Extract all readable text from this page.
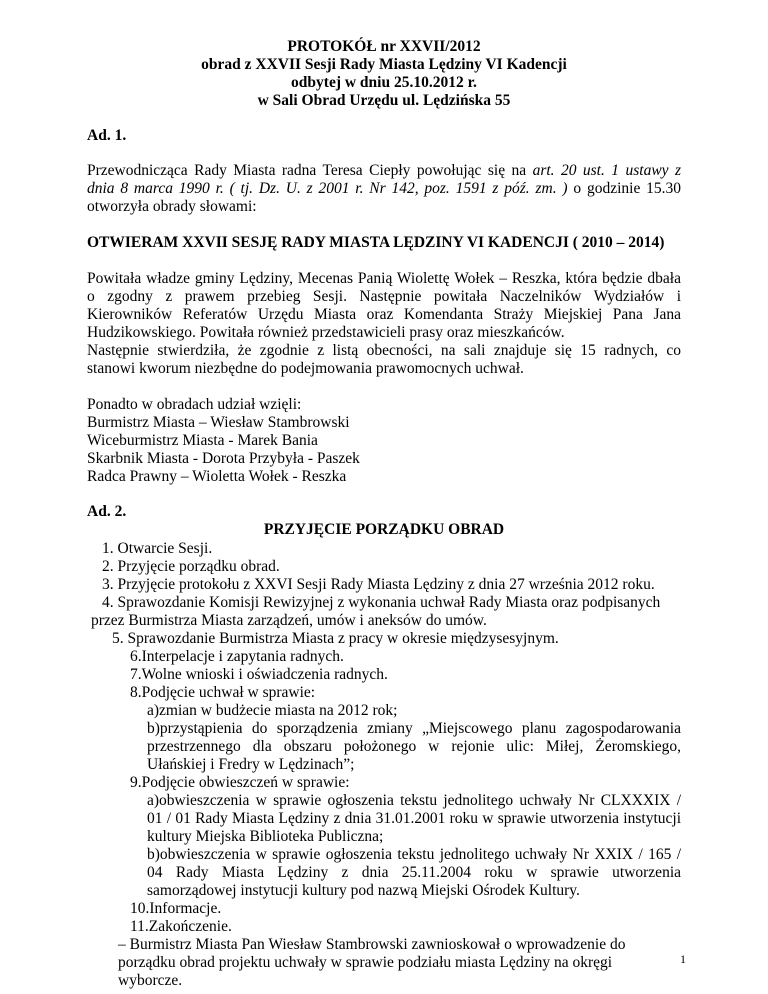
PROTOKÓŁ nr XXVII/2012
obrad z XXVII Sesji Rady Miasta Lędziny VI Kadencji
odbytej w dniu 25.10.2012 r.
w Sali Obrad Urzędu ul. Lędzińska 55
Ad. 1.
Przewodnicząca Rady Miasta radna Teresa Ciepły powołując się na art. 20 ust. 1 ustawy z
dnia 8 marca 1990 r. ( tj. Dz. U. z 2001 r. Nr 142, poz. 1591 z póź. zm. ) o godzinie 15.30
otworzyła obrady słowami:
OTWIERAM XXVII SESJĘ RADY MIASTA LĘDZINY VI KADENCJI ( 2010 – 2014)
Powitała władze gminy Lędziny, Mecenas Panią Wiolettę Wołek – Reszka, która będzie dbała
o zgodny z prawem przebieg Sesji. Następnie powitała Naczelników Wydziałów i
Kierowników Referatów Urzędu Miasta oraz Komendanta Straży Miejskiej Pana Jana
Hudzikowskiego. Powitała również przedstawicieli prasy oraz mieszkańców.
Następnie stwierdziła, że zgodnie z listą obecności, na sali znajduje się 15 radnych, co
stanowi kworum niezbędne do podejmowania prawomocnych uchwał.
Ponadto w obradach udział wzięli:
Burmistrz Miasta – Wiesław Stambrowski
Wiceburmistrz Miasta - Marek Bania
Skarbnik Miasta - Dorota Przybyła - Paszek
Radca Prawny – Wioletta Wołek - Reszka
Ad. 2.
PRZYJĘCIE PORZĄDKU OBRAD
1. Otwarcie Sesji.
2. Przyjęcie porządku obrad.
3. Przyjęcie protokołu z XXVI Sesji Rady Miasta Lędziny z dnia 27 września 2012 roku.
4. Sprawozdanie Komisji Rewizyjnej z wykonania uchwał Rady Miasta oraz podpisanych
przez Burmistrza Miasta zarządzeń, umów i aneksów do umów.
5. Sprawozdanie Burmistrza Miasta z pracy w okresie międzysesyjnym.
6.Interpelacje i zapytania radnych.
7.Wolne wnioski i oświadczenia radnych.
8.Podjęcie uchwał w sprawie:
a)zmian w budżecie miasta na 2012 rok;
b)przystąpienia do sporządzenia zmiany „Miejscowego planu zagospodarowania
przestrzennego dla obszaru położonego w rejonie ulic: Miłej, Żeromskiego,
Ułańskiej i Fredry w Lędzinach”;
9.Podjęcie obwieszczeń w sprawie:
a)obwieszczenia w sprawie ogłoszenia tekstu jednolitego uchwały Nr CLXXXIX /
01 / 01 Rady Miasta Lędziny z dnia 31.01.2001 roku w sprawie utworzenia instytucji
kultury Miejska Biblioteka Publiczna;
b)obwieszczenia w sprawie ogłoszenia tekstu jednolitego uchwały Nr XXIX / 165 /
04 Rady Miasta Lędziny z dnia 25.11.2004 roku w sprawie utworzenia
samorządowej instytucji kultury pod nazwą Miejski Ośrodek Kultury.
10.Informacje.
11.Zakończenie.
– Burmistrz Miasta Pan Wiesław Stambrowski zawnioskował o wprowadzenie do
porządku obrad projektu uchwały w sprawie podziału miasta Lędziny na okręgi
wyborcze.
1
